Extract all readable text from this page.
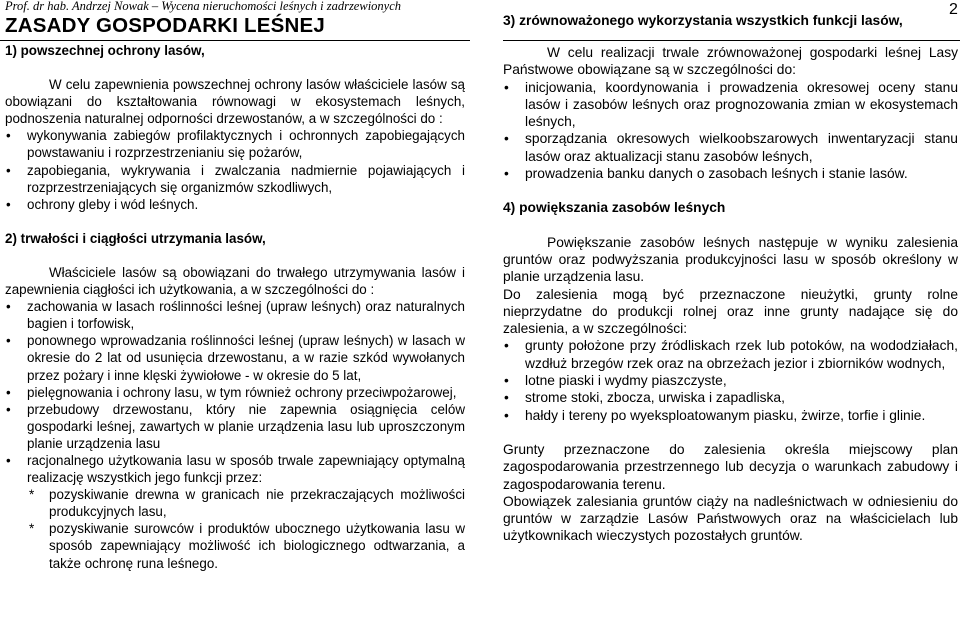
Prof. dr hab. Andrzej Nowak – Wycena nieruchomości leśnych i zadrzewionych
ZASADY GOSPODARKI LEŚNEJ

1) powszechnej ochrony lasów,

W celu zapewnienia powszechnej ochrony lasów właściciele lasów są obowiązani do kształtowania równowagi w ekosystemach leśnych, podnoszenia naturalnej odporności drzewostanów, a w szczególności do :

• wykonywania zabiegów profilaktycznych i ochronnych zapobiegających powstawaniu i rozprzestrzenianiu się pożarów,
• zapobiegania, wykrywania i zwalczania nadmiernie pojawiających i rozprzestrzeniających się organizmów szkodliwych,
• ochrony gleby i wód leśnych.

2) trwałości i ciągłości utrzymania lasów,

Właściciele lasów są obowiązani do trwałego utrzymywania lasów i zapewnienia ciągłości ich użytkowania, a w szczególności do :

• zachowania w lasach roślinności leśnej (upraw leśnych) oraz naturalnych bagien i torfowisk,
• ponownego wprowadzania roślinności leśnej (upraw leśnych) w lasach w okresie do 2 lat od usunięcia drzewostanu, a w razie szkód wywołanych przez pożary i inne klęski żywiołowe - w okresie do 5 lat,
• pielęgnowania i ochrony lasu, w tym również ochrony przeciwpożarowej,
• przebudowy drzewostanu, który nie zapewnia osiągnięcia celów gospodarki leśnej, zawartych w planie urządzenia lasu lub uproszczonym planie urządzenia lasu
• racjonalnego użytkowania lasu w sposób trwale zapewniający optymalną realizację wszystkich jego funkcji przez:
* pozyskiwanie drewna w granicach nie przekraczających możliwości produkcyjnych lasu,
* pozyskiwanie surowców i produktów ubocznego użytkowania lasu w sposób zapewniający możliwość ich biologicznego odtwarzania, a także ochronę runa leśnego.
2
3) zrównoważonego wykorzystania wszystkich funkcji lasów,

W celu realizacji trwale zrównoważonej gospodarki leśnej Lasy Państwowe obowiązane są w szczególności do:

• inicjowania, koordynowania i prowadzenia okresowej oceny stanu lasów i zasobów leśnych oraz prognozowania zmian w ekosystemach leśnych,
• sporządzania okresowych wielkoobszarowych inwentaryzacji stanu lasów oraz aktualizacji stanu zasobów leśnych,
• prowadzenia banku danych o zasobach leśnych i stanie lasów.

4) powiększania zasobów leśnych

Powiększanie zasobów leśnych następuje w wyniku zalesienia gruntów oraz podwyższania produkcyjności lasu w sposób określony w planie urządzenia lasu.

Do zalesienia mogą być przeznaczone nieużytki, grunty rolne nieprzydatne do produkcji rolnej oraz inne grunty nadające się do zalesienia, a w szczególności:

• grunty położone przy źródliskach rzek lub potoków, na wododziałach, wzdłuż brzegów rzek oraz na obrzeżach jezior i zbiorników wodnych,
• lotne piaski i wydmy piaszczyste,
• strome stoki, zbocza, urwiska i zapadliska,
• hałdy i tereny po wyeksploatowanym piasku, żwirze, torfie i glinie.

Grunty przeznaczone do zalesienia określa miejscowy plan zagospodarowania przestrzennego lub decyzja o warunkach zabudowy i zagospodarowania terenu.

Obowiązek zalesiania gruntów ciąży na nadleśnictwach w odniesieniu do gruntów w zarządzie Lasów Państwowych oraz na właścicielach lub użytkownikach wieczystych pozostałych gruntów.
